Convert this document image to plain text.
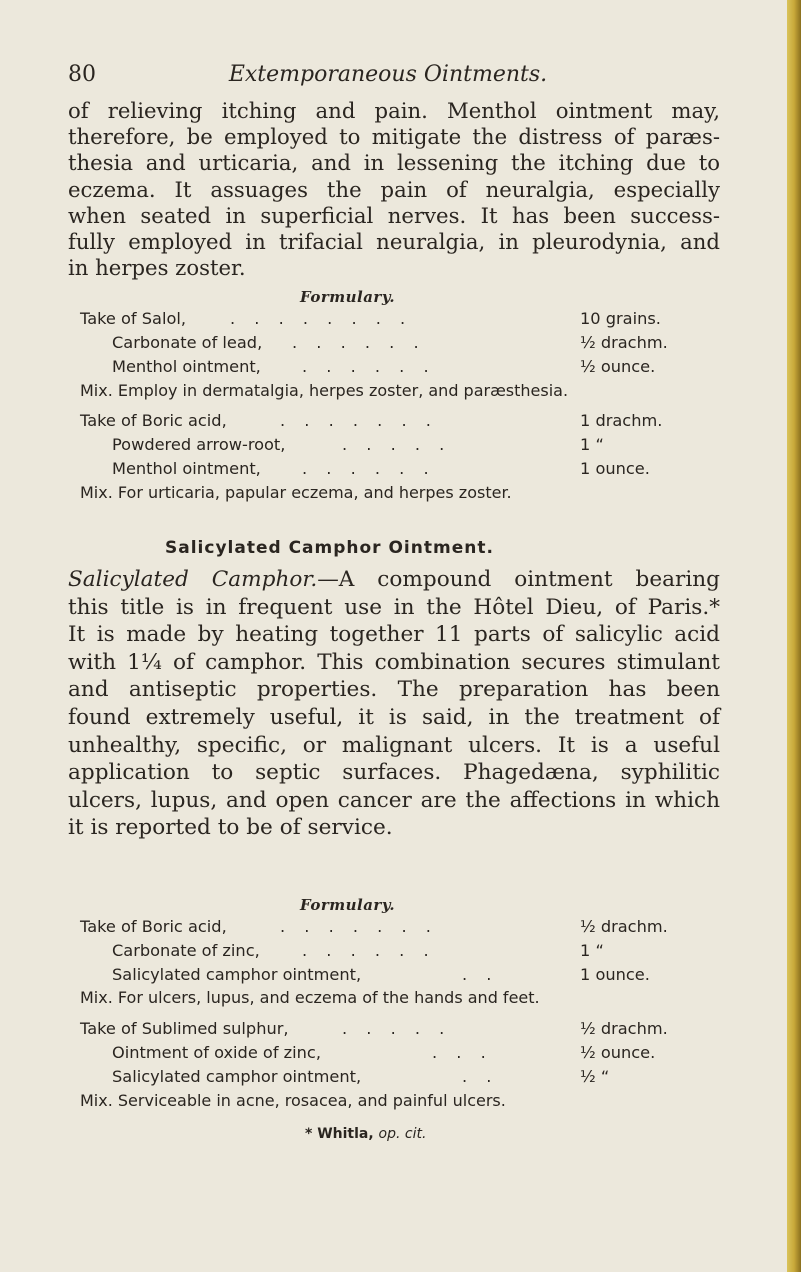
80	Extemporaneous Ointments.
of relieving itching and pain. Menthol ointment may,
therefore, be employed to mitigate the distress of parӕs-
thesia and urticaria, and in lessening the itching due to
eczema. It assuages the pain of neuralgia, especially
when seated in superficial nerves. It has been success-
fully employed in trifacial neuralgia, in pleurodynia, and
in herpes zoster.
Formulary.
Take of Salol,	. . . . . . . .	10 grains.
Carbonate of lead, . . . . . .	½ drachm.
Menthol ointment,	. . . . . .	½ ounce.
Mix. Employ in dermatalgia, herpes zoster, and parӕsthesia.
Take of Boric acid,	. . . . . . .	1 drachm.
Powdered arrow-root,	. . . . .	1 “
Menthol ointment,	. . . . . .	1 ounce.
Mix. For urticaria, papular eczema, and herpes zoster.
Salicylated Camphor Ointment.
Salicylated Camphor.—A compound ointment bearing
this title is in frequent use in the Hôtel Dieu, of Paris.*
It is made by heating together 11 parts of salicylic acid
with 1¼ of camphor. This combination secures stimulant
and antiseptic properties. The preparation has been
found extremely useful, it is said, in the treatment of
unhealthy, specific, or malignant ulcers. It is a useful
application to septic surfaces. Phagedӕna, syphilitic
ulcers, lupus, and open cancer are the affections in which
it is reported to be of service.
Formulary.
Take of Boric acid,	. . . . . . .	½ drachm.
Carbonate of zinc,	. . . . . .	1 “
Salicylated camphor ointment,	. .	1 ounce.
Mix. For ulcers, lupus, and eczema of the hands and feet.
Take of Sublimed sulphur,	. . . . .	½ drachm.
Ointment of oxide of zinc,	. . .	½ ounce.
Salicylated camphor ointment,	. .	½ “
Mix. Serviceable in acne, rosacea, and painful ulcers.
* Whitla, op. cit.
